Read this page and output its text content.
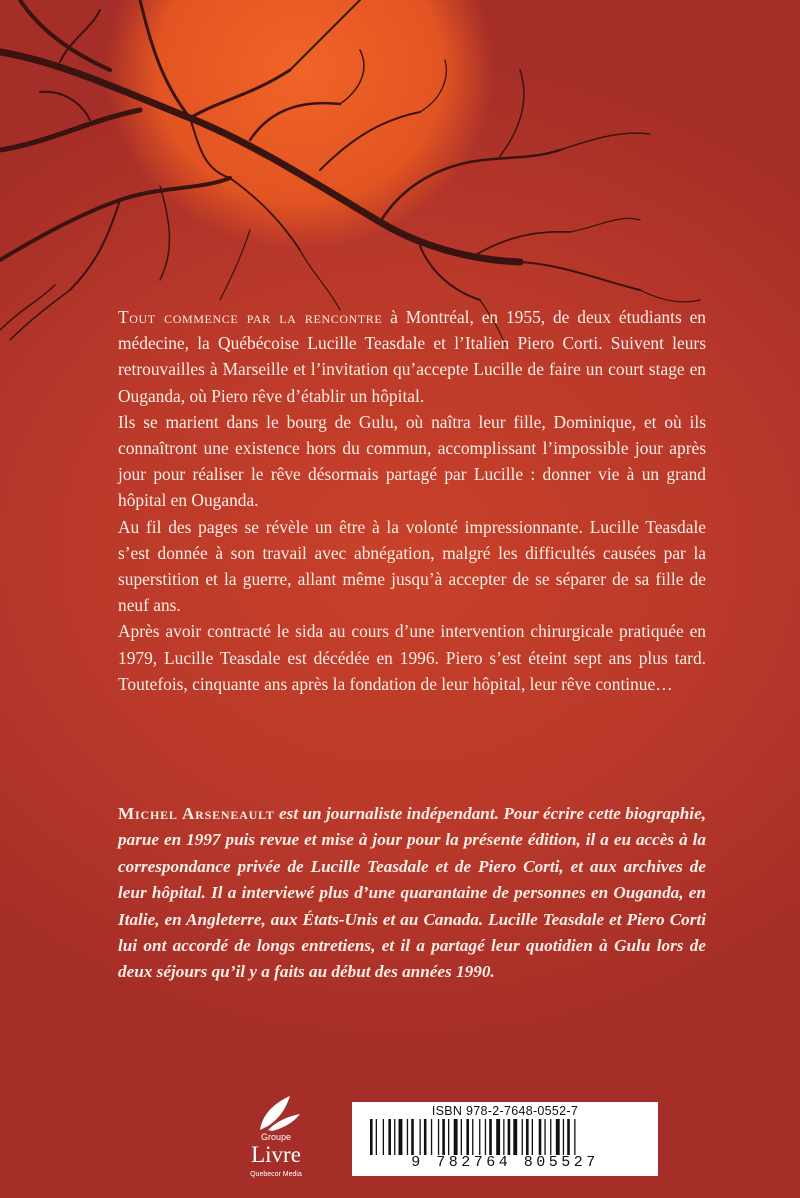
Tout commence par la rencontre à Montréal, en 1955, de deux étudiants en médecine, la Québécoise Lucille Teasdale et l’Italien Piero Corti. Suivent leurs retrouvailles à Marseille et l’invitation qu’accepte Lucille de faire un court stage en Ouganda, où Piero rêve d’établir un hôpital.

Ils se marient dans le bourg de Gulu, où naîtra leur fille, Dominique, et où ils connaîtront une existence hors du commun, accomplissant l’impossible jour après jour pour réaliser le rêve désormais partagé par Lucille : donner vie à un grand hôpital en Ouganda.

Au fil des pages se révèle un être à la volonté impressionnante. Lucille Teasdale s’est donnée à son travail avec abnégation, malgré les difficultés causées par la superstition et la guerre, allant même jusqu’à accepter de se séparer de sa fille de neuf ans.

Après avoir contracté le sida au cours d’une intervention chirurgicale pratiquée en 1979, Lucille Teasdale est décédée en 1996. Piero s’est éteint sept ans plus tard. Toutefois, cinquante ans après la fondation de leur hôpital, leur rêve continue…

Michel Arseneault est un journaliste indépendant. Pour écrire cette biographie, parue en 1997 puis revue et mise à jour pour la présente édition, il a eu accès à la correspondance privée de Lucille Teasdale et de Piero Corti, et aux archives de leur hôpital. Il a interviewé plus d’une quarantaine de personnes en Ouganda, en Italie, en Angleterre, aux États-Unis et au Canada. Lucille Teasdale et Piero Corti lui ont accordé de longs entretiens, et il a partagé leur quotidien à Gulu lors de deux séjours qu’il y a faits au début des années 1990.
Groupe
Livre
Quebecor Media
ISBN 978-2-7648-0552-7
9 782764 805527
